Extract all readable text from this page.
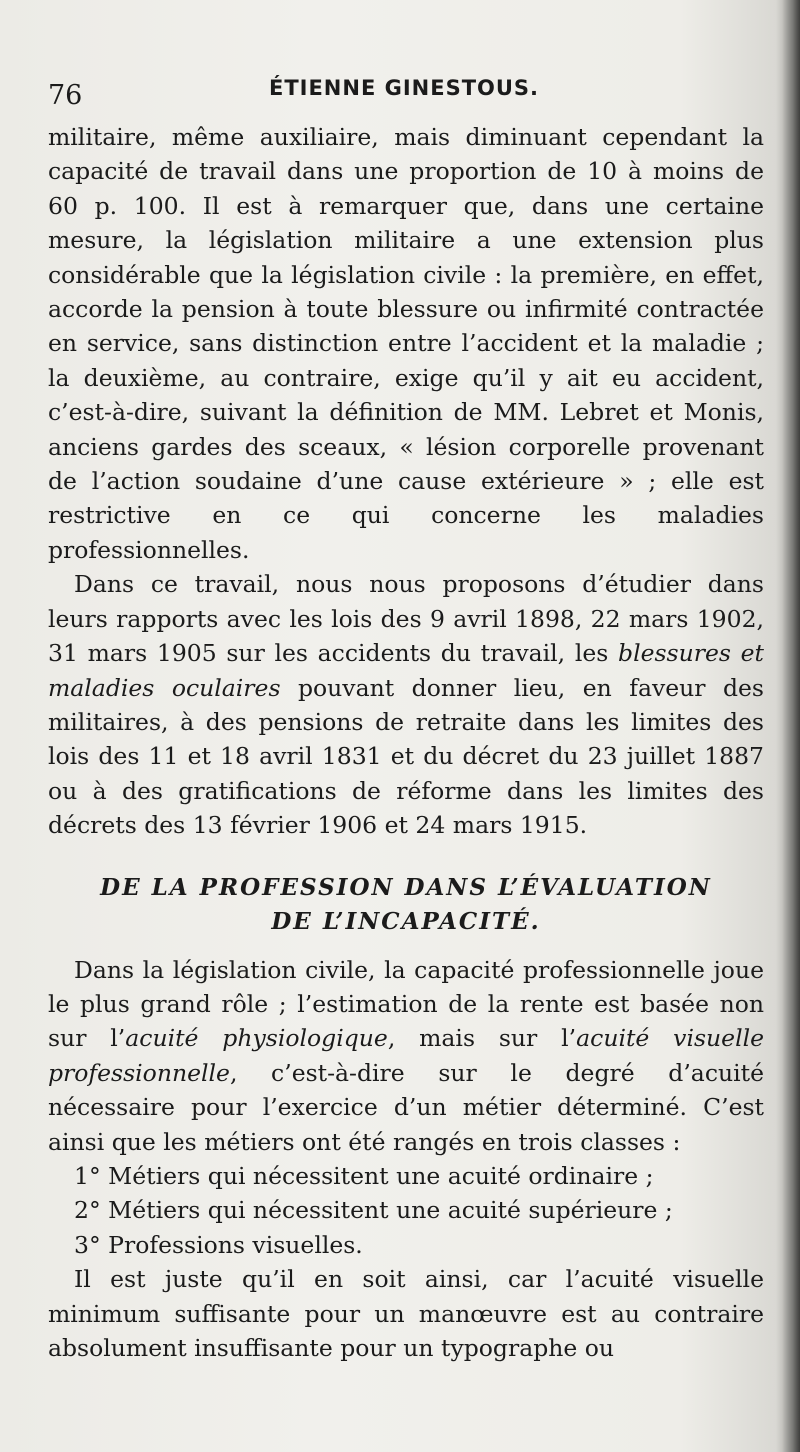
76	ÉTIENNE GINESTOUS.

militaire, même auxiliaire, mais diminuant cependant la capacité de travail dans une proportion de 10 à moins de 60 p. 100. Il est à remarquer que, dans une certaine mesure, la législation militaire a une extension plus considérable que la législation civile : la première, en effet, accorde la pension à toute blessure ou infirmité contractée en service, sans distinction entre l’accident et la maladie ; la deuxième, au contraire, exige qu’il y ait eu accident, c’est-à-dire, suivant la définition de MM. Lebret et Monis, anciens gardes des sceaux, « lésion corporelle provenant de l’action soudaine d’une cause extérieure » ; elle est restrictive en ce qui concerne les maladies professionnelles.

Dans ce travail, nous nous proposons d’étudier dans leurs rapports avec les lois des 9 avril 1898, 22 mars 1902, 31 mars 1905 sur les accidents du travail, les blessures et maladies oculaires pouvant donner lieu, en faveur des militaires, à des pensions de retraite dans les limites des lois des 11 et 18 avril 1831 et du décret du 23 juillet 1887 ou à des gratifications de réforme dans les limites des décrets des 13 février 1906 et 24 mars 1915.

DE LA PROFESSION DANS L’ÉVALUATION

DE L’INCAPACITÉ.

Dans la législation civile, la capacité professionnelle joue le plus grand rôle ; l’estimation de la rente est basée non sur l’acuité physiologique, mais sur l’acuité visuelle professionnelle, c’est-à-dire sur le degré d’acuité nécessaire pour l’exercice d’un métier déterminé. C’est ainsi que les métiers ont été rangés en trois classes :

1° Métiers qui nécessitent une acuité ordinaire ;

2° Métiers qui nécessitent une acuité supérieure ;

3° Professions visuelles.

Il est juste qu’il en soit ainsi, car l’acuité visuelle minimum suffisante pour un manœuvre est au contraire absolument insuffisante pour un typographe ou
